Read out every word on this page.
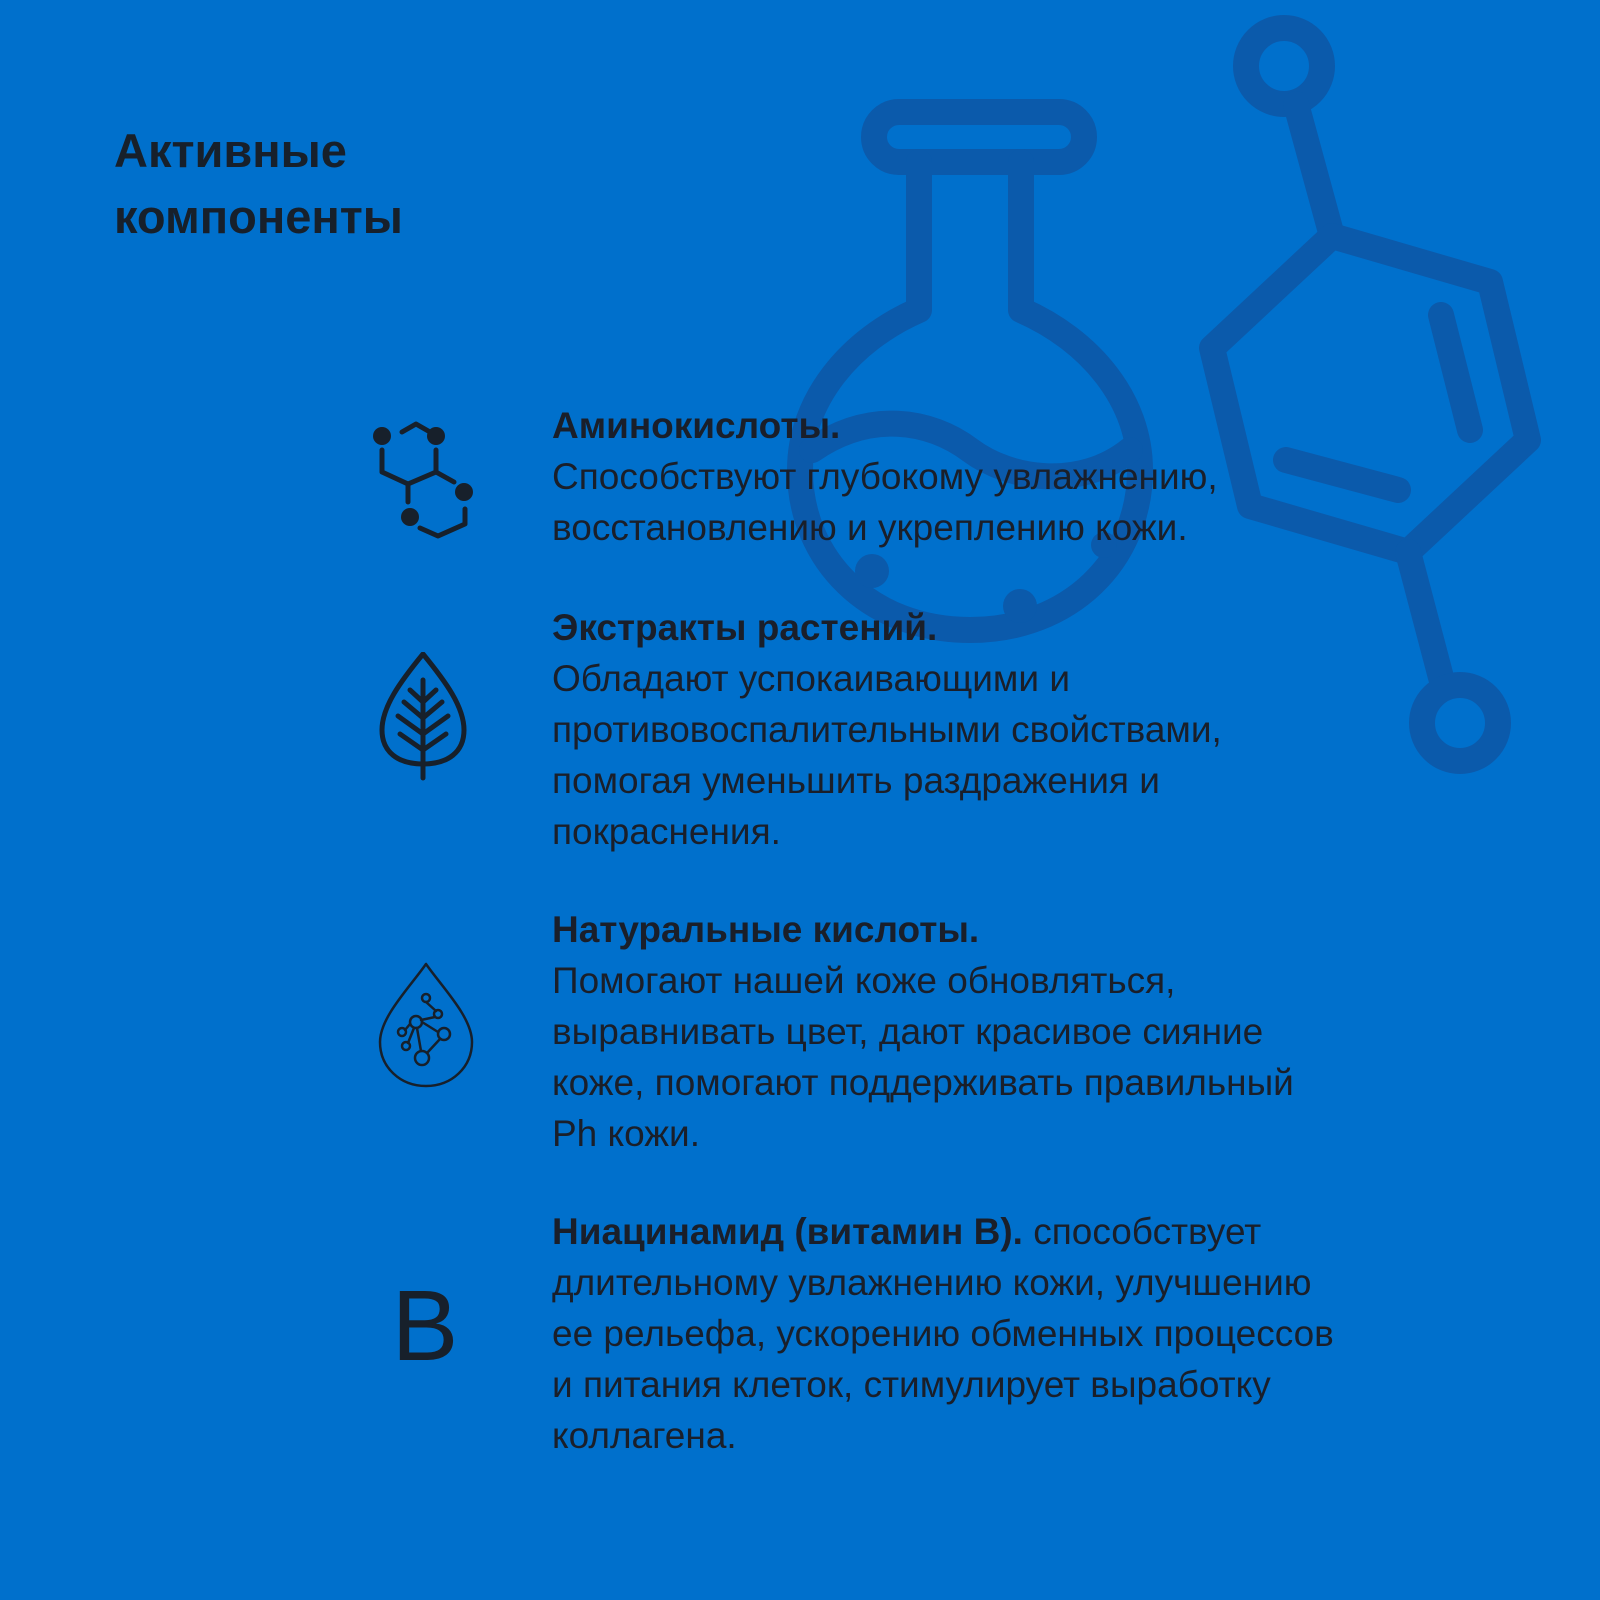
Активные
компоненты
Аминокислоты.
Способствуют глубокому увлажнению,
восстановлению и укреплению кожи.
Экстракты растений.
Обладают успокаивающими и
противовоспалительными свойствами,
помогая уменьшить раздражения и
покраснения.
Натуральные кислоты.
Помогают нашей коже обновляться,
выравнивать цвет, дают красивое сияние
коже, помогают поддерживать правильный
Ph кожи.
B
Ниацинамид (витамин B). способствует
длительному увлажнению кожи, улучшению
ее рельефа, ускорению обменных процессов
и питания клеток, стимулирует выработку
коллагена.
